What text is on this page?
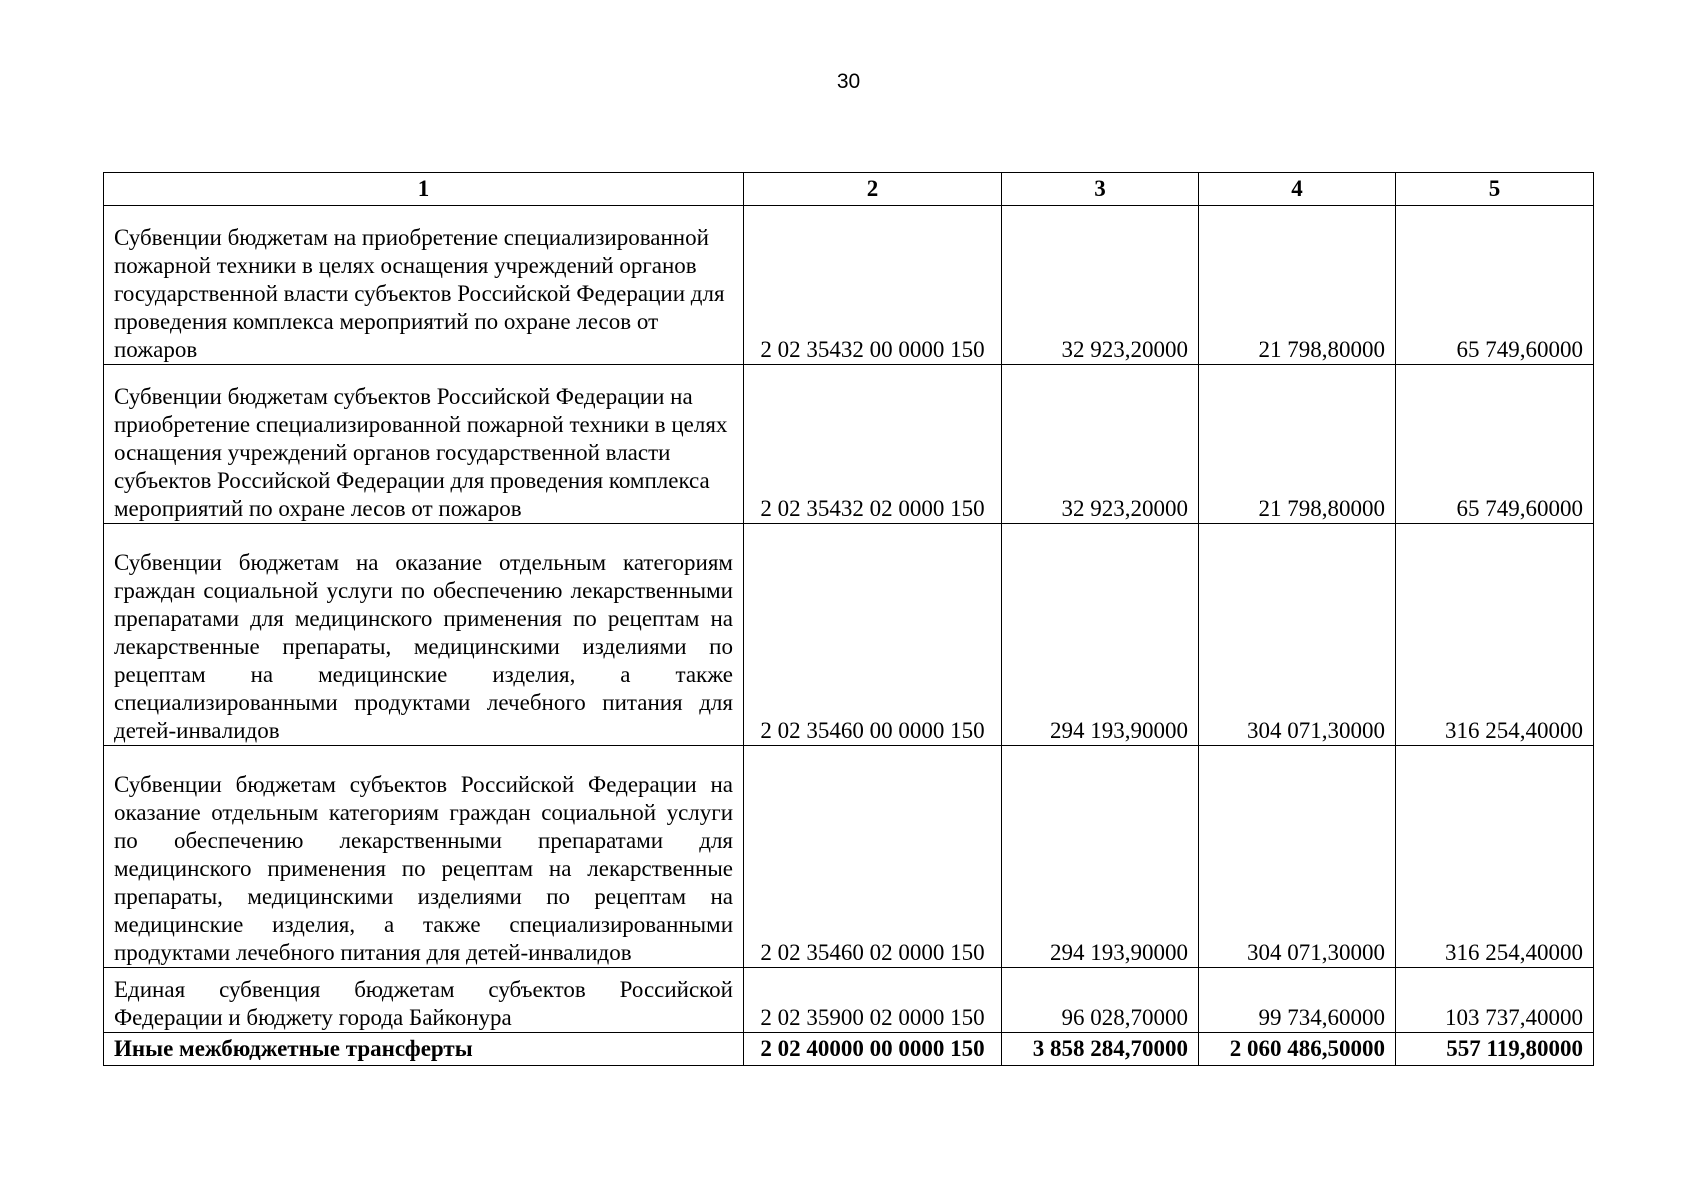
30
1	2	3	4	5
Субвенции бюджетам на приобретение специализированной пожарной техники в целях оснащения учреждений органов государственной власти субъектов Российской Федерации для проведения комплекса мероприятий по охране лесов от пожаров	2 02 35432 00 0000 150	32 923,20000	21 798,80000	65 749,60000
Субвенции бюджетам субъектов Российской Федерации на приобретение специализированной пожарной техники в целях оснащения учреждений органов государственной власти субъектов Российской Федерации для проведения комплекса мероприятий по охране лесов от пожаров	2 02 35432 02 0000 150	32 923,20000	21 798,80000	65 749,60000
Субвенции бюджетам на оказание отдельным категориям граждан социальной услуги по обеспечению лекарственными препаратами для медицинского применения по рецептам на лекарственные препараты, медицинскими изделиями по рецептам на медицинские изделия, а также специализированными продуктами лечебного питания для детей-инвалидов	2 02 35460 00 0000 150	294 193,90000	304 071,30000	316 254,40000
Субвенции бюджетам субъектов Российской Федерации на оказание отдельным категориям граждан социальной услуги по обеспечению лекарственными препаратами для медицинского применения по рецептам на лекарственные препараты, медицинскими изделиями по рецептам на медицинские изделия, а также специализированными продуктами лечебного питания для детей-инвалидов	2 02 35460 02 0000 150	294 193,90000	304 071,30000	316 254,40000
Единая субвенция бюджетам субъектов Российской Федерации и бюджету города Байконура	2 02 35900 02 0000 150	96 028,70000	99 734,60000	103 737,40000
Иные межбюджетные трансферты	2 02 40000 00 0000 150	3 858 284,70000	2 060 486,50000	557 119,80000
